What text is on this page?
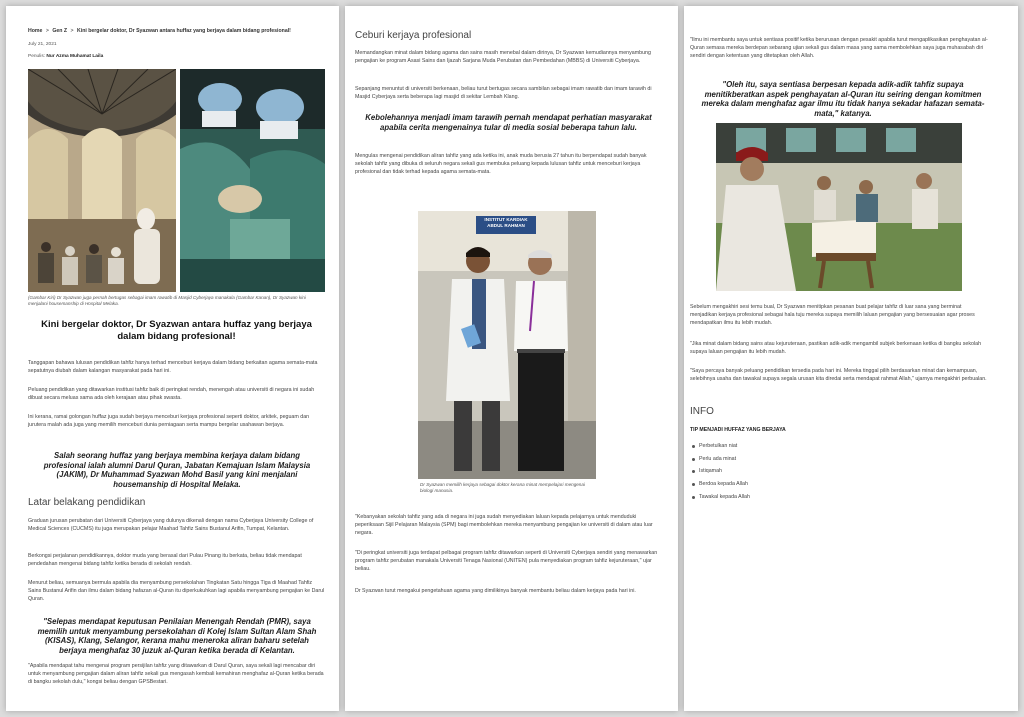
Home > Gen Z > Kini bergelar doktor, Dr Syazwan antara huffaz yang berjaya dalam bidang profesional!
July 21, 2021
Penulis: Nur Azma Muhamat Laila
(Gambar Kiri) Dr Syazwan juga pernah bertugas sebagai imam rawatib di Masjid Cyberjaya manakala (Gambar Kanan), Dr Syazwan kini menjalani housemanship di Hospital Melaka.
Kini bergelar doktor, Dr Syazwan antara huffaz yang berjaya dalam bidang profesional!
Tanggapan bahawa lulusan pendidikan tahfiz hanya terhad menceburi kerjaya dalam bidang berkaitan agama semata-mata sepatutnya diubah dalam kalangan masyarakat pada hari ini.
Peluang pendidikan yang ditawarkan institusi tahfiz baik di peringkat rendah, menengah atau universiti di negara ini sudah dibuat secara meluas sama ada oleh kerajaan atau pihak swasta.
Ini kerana, ramai golongan huffaz juga sudah berjaya menceburi kerjaya profesional seperti doktor, arkitek, peguam dan jurutera malah ada juga yang memilih menceburi dunia perniagaan serta mampu bergelar usahawan berjaya.
Salah seorang huffaz yang berjaya membina kerjaya dalam bidang profesional ialah alumni Darul Quran, Jabatan Kemajuan Islam Malaysia (JAKIM), Dr Muhammad Syazwan Mohd Basil yang kini menjalani housemanship di Hospital Melaka.
Latar belakang pendidikan
Graduan jurusan perubatan dari Universiti Cyberjaya yang dulunya dikenali dengan nama Cyberjaya University College of Medical Sciences (CUCMS) itu juga merupakan pelajar Maahad Tahfiz Sains Bustanul Arifin, Tumpat, Kelantan.
Berkongsi perjalanan pendidikannya, doktor muda yang berasal dari Pulau Pinang itu berkata, beliau tidak mendapat pendedahan mengenai bidang tahfiz ketika berada di sekolah rendah.
Menurut beliau, semuanya bermula apabila dia menyambung persekolahan Tingkatan Satu hingga Tiga di Maahad Tahfiz Sains Bustanul Arifin dan ilmu dalam bidang hafazan al-Quran itu diperkukuhkan lagi apabila menyambung pengajian ke Darul Quran.
"Selepas mendapat keputusan Penilaian Menengah Rendah (PMR), saya memilih untuk menyambung persekolahan di Kolej Islam Sultan Alam Shah (KISAS), Klang, Selangor, kerana mahu meneroka aliran baharu setelah berjaya menghafaz 30 juzuk al-Quran ketika berada di Kelantan.
"Apabila mendapat tahu mengenai program persijilan tahfiz yang ditawarkan di Darul Quran, saya sekali lagi mencabar diri untuk menyambung pengajian dalam aliran tahfiz sekali gus mengasah kembali kemahiran menghafaz al-Quran ketika berada di bangku sekolah dulu," kongsi beliau dengan GPSBestari.
Ceburi kerjaya profesional
Memandangkan minat dalam bidang agama dan sains masih menebal dalam dirinya, Dr Syazwan kemudiannya menyambung pengajian ke program Asasi Sains dan Ijazah Sarjana Muda Perubatan dan Pembedahan (MBBS) di Universiti Cyberjaya.
Sepanjang menuntut di universiti berkenaan, beliau turut bertugas secara sambilan sebagai imam rawatib dan imam tarawih di Masjid Cyberjaya serta beberapa lagi masjid di sekitar Lembah Klang.
Kebolehannya menjadi imam tarawih pernah mendapat perhatian masyarakat apabila cerita mengenainya tular di media sosial beberapa tahun lalu.
Mengulas mengenai pendidikan aliran tahfiz yang ada ketika ini, anak muda berusia 27 tahun itu berpendapat sudah banyak sekolah tahfiz yang dibuka di seluruh negara sekali gus membuka peluang kepada lulusan tahfiz untuk menceburi kerjaya profesional dan tidak terhad kepada agama semata-mata.
INSTITUT KARDIAK ABDUL RAHMAN
Dr Syazwan memilih kerjaya sebagai doktor kerana minat mempelajari mengenai biologi manusia.
"Kebanyakan sekolah tahfiz yang ada di negara ini juga sudah menyediakan laluan kepada pelajarnya untuk menduduki peperiksaan Sijil Pelajaran Malaysia (SPM) bagi membolehkan mereka menyambung pengajian ke universiti di dalam atau luar negara.
"Di peringkat universiti juga terdapat pelbagai program tahfiz ditawarkan seperti di Universiti Cyberjaya sendiri yang menawarkan program tahfiz perubatan manakala Universiti Tenaga Nasional (UNITEN) pula menyediakan program tahfiz kejuruteraan," ujar beliau.
Dr Syazwan turut mengakui pengetahuan agama yang dimilikinya banyak membantu beliau dalam kerjaya pada hari ini.
"Ilmu ini membantu saya untuk sentiasa positif ketika berurusan dengan pesakit apabila turut mengaplikasikan penghayatan al-Quran semasa mereka berdepan sebarang ujian sekali gus dalam masa yang sama membolehkan saya juga muhasabah diri sendiri dengan ketentuan yang ditetapkan oleh Allah.
"Oleh itu, saya sentiasa berpesan kepada adik-adik tahfiz supaya menitikberatkan aspek penghayatan al-Quran itu seiring dengan komitmen mereka dalam menghafaz agar ilmu itu tidak hanya sekadar hafazan semata-mata," katanya.
Sebelum mengakhiri sesi temu bual, Dr Syazwan menitipkan pesanan buat pelajar tahfiz di luar sana yang berminat menjadikan kerjaya profesional sebagai hala tuju mereka supaya memilih laluan pengajian yang bersesuaian agar proses mendapatkan ilmu itu lebih mudah.
"Jika minat dalam bidang sains atau kejuruteraan, pastikan adik-adik mengambil subjek berkenaan ketika di bangku sekolah supaya laluan pengajian itu lebih mudah.
"Saya percaya banyak peluang pendidikan tersedia pada hari ini. Mereka tinggal pilih berdasarkan minat dan kemampuan, selebihnya usaha dan tawakal supaya segala urusan kita diredai serta mendapat rahmat Allah," ujarnya mengakhiri perbualan.
INFO
TIP MENJADI HUFFAZ YANG BERJAYA
Perbetulkan niat
Perlu ada minat
Istiqamah
Berdoa kepada Allah
Tawakal kepada Allah
